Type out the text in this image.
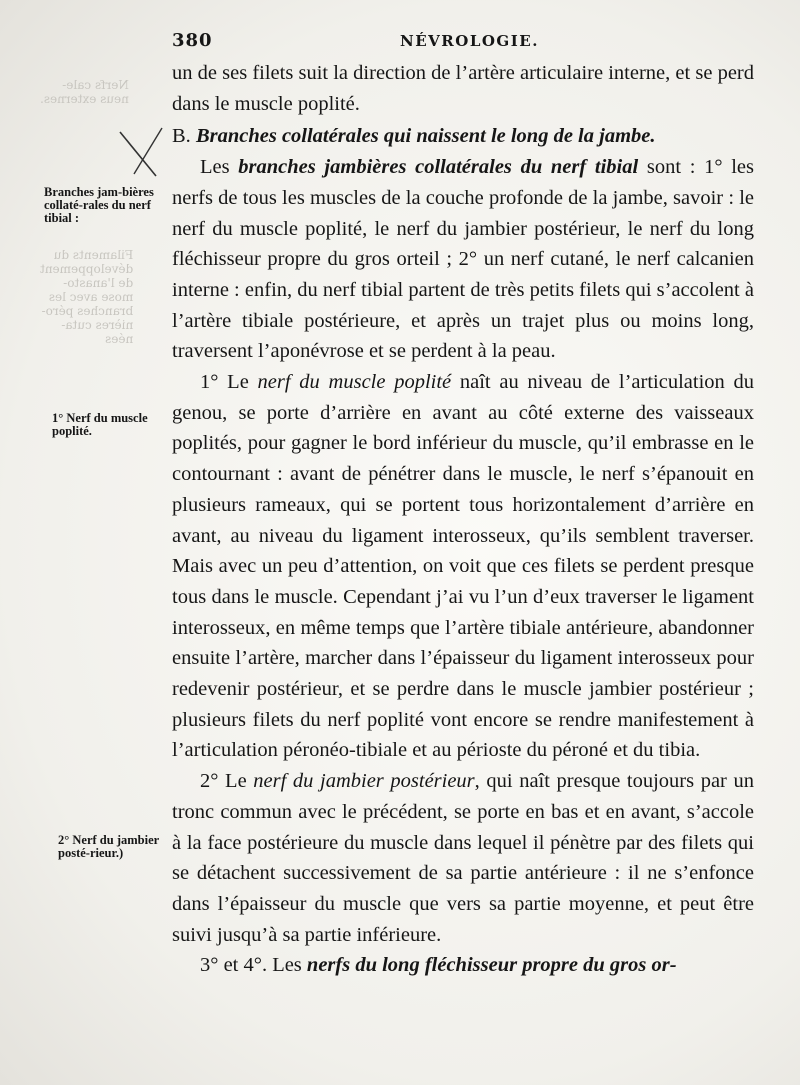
Nerfs cale-
neus externes.
Filaments du
développement
de l'anasto-
mose avec les
branches péro-
nières cuta-
nées
380	NÉVROLOGIE.
Branches jam-bières collaté-rales du nerf tibial :
1° Nerf du muscle poplité.
2° Nerf du jambier posté-rieur.)

un de ses filets suit la direction de l’artère articulaire interne, et se perd dans le muscle poplité.

B. Branches collatérales qui naissent le long de la jambe.

Les branches jambières collatérales du nerf tibial sont : 1° les nerfs de tous les muscles de la couche profonde de la jambe, savoir : le nerf du muscle poplité, le nerf du jambier postérieur, le nerf du long fléchisseur propre du gros orteil ; 2° un nerf cutané, le nerf calcanien interne : enfin, du nerf tibial partent de très petits filets qui s’accolent à l’artère tibiale postérieure, et après un trajet plus ou moins long, traversent l’aponévrose et se perdent à la peau.

1° Le nerf du muscle poplité naît au niveau de l’articulation du genou, se porte d’arrière en avant au côté externe des vaisseaux poplités, pour gagner le bord inférieur du muscle, qu’il embrasse en le contournant : avant de pénétrer dans le muscle, le nerf s’épanouit en plusieurs rameaux, qui se portent tous horizontalement d’arrière en avant, au niveau du ligament interosseux, qu’ils semblent traverser. Mais avec un peu d’attention, on voit que ces filets se perdent presque tous dans le muscle. Cependant j’ai vu l’un d’eux traverser le ligament interosseux, en même temps que l’artère tibiale antérieure, abandonner ensuite l’artère, marcher dans l’épaisseur du ligament interosseux pour redevenir postérieur, et se perdre dans le muscle jambier postérieur ; plusieurs filets du nerf poplité vont encore se rendre manifestement à l’articulation péronéo-tibiale et au périoste du péroné et du tibia.

2° Le nerf du jambier postérieur, qui naît presque toujours par un tronc commun avec le précédent, se porte en bas et en avant, s’accole à la face postérieure du muscle dans lequel il pénètre par des filets qui se détachent successivement de sa partie antérieure : il ne s’enfonce dans l’épaisseur du muscle que vers sa partie moyenne, et peut être suivi jusqu’à sa partie inférieure.

3° et 4°. Les nerfs du long fléchisseur propre du gros or-
